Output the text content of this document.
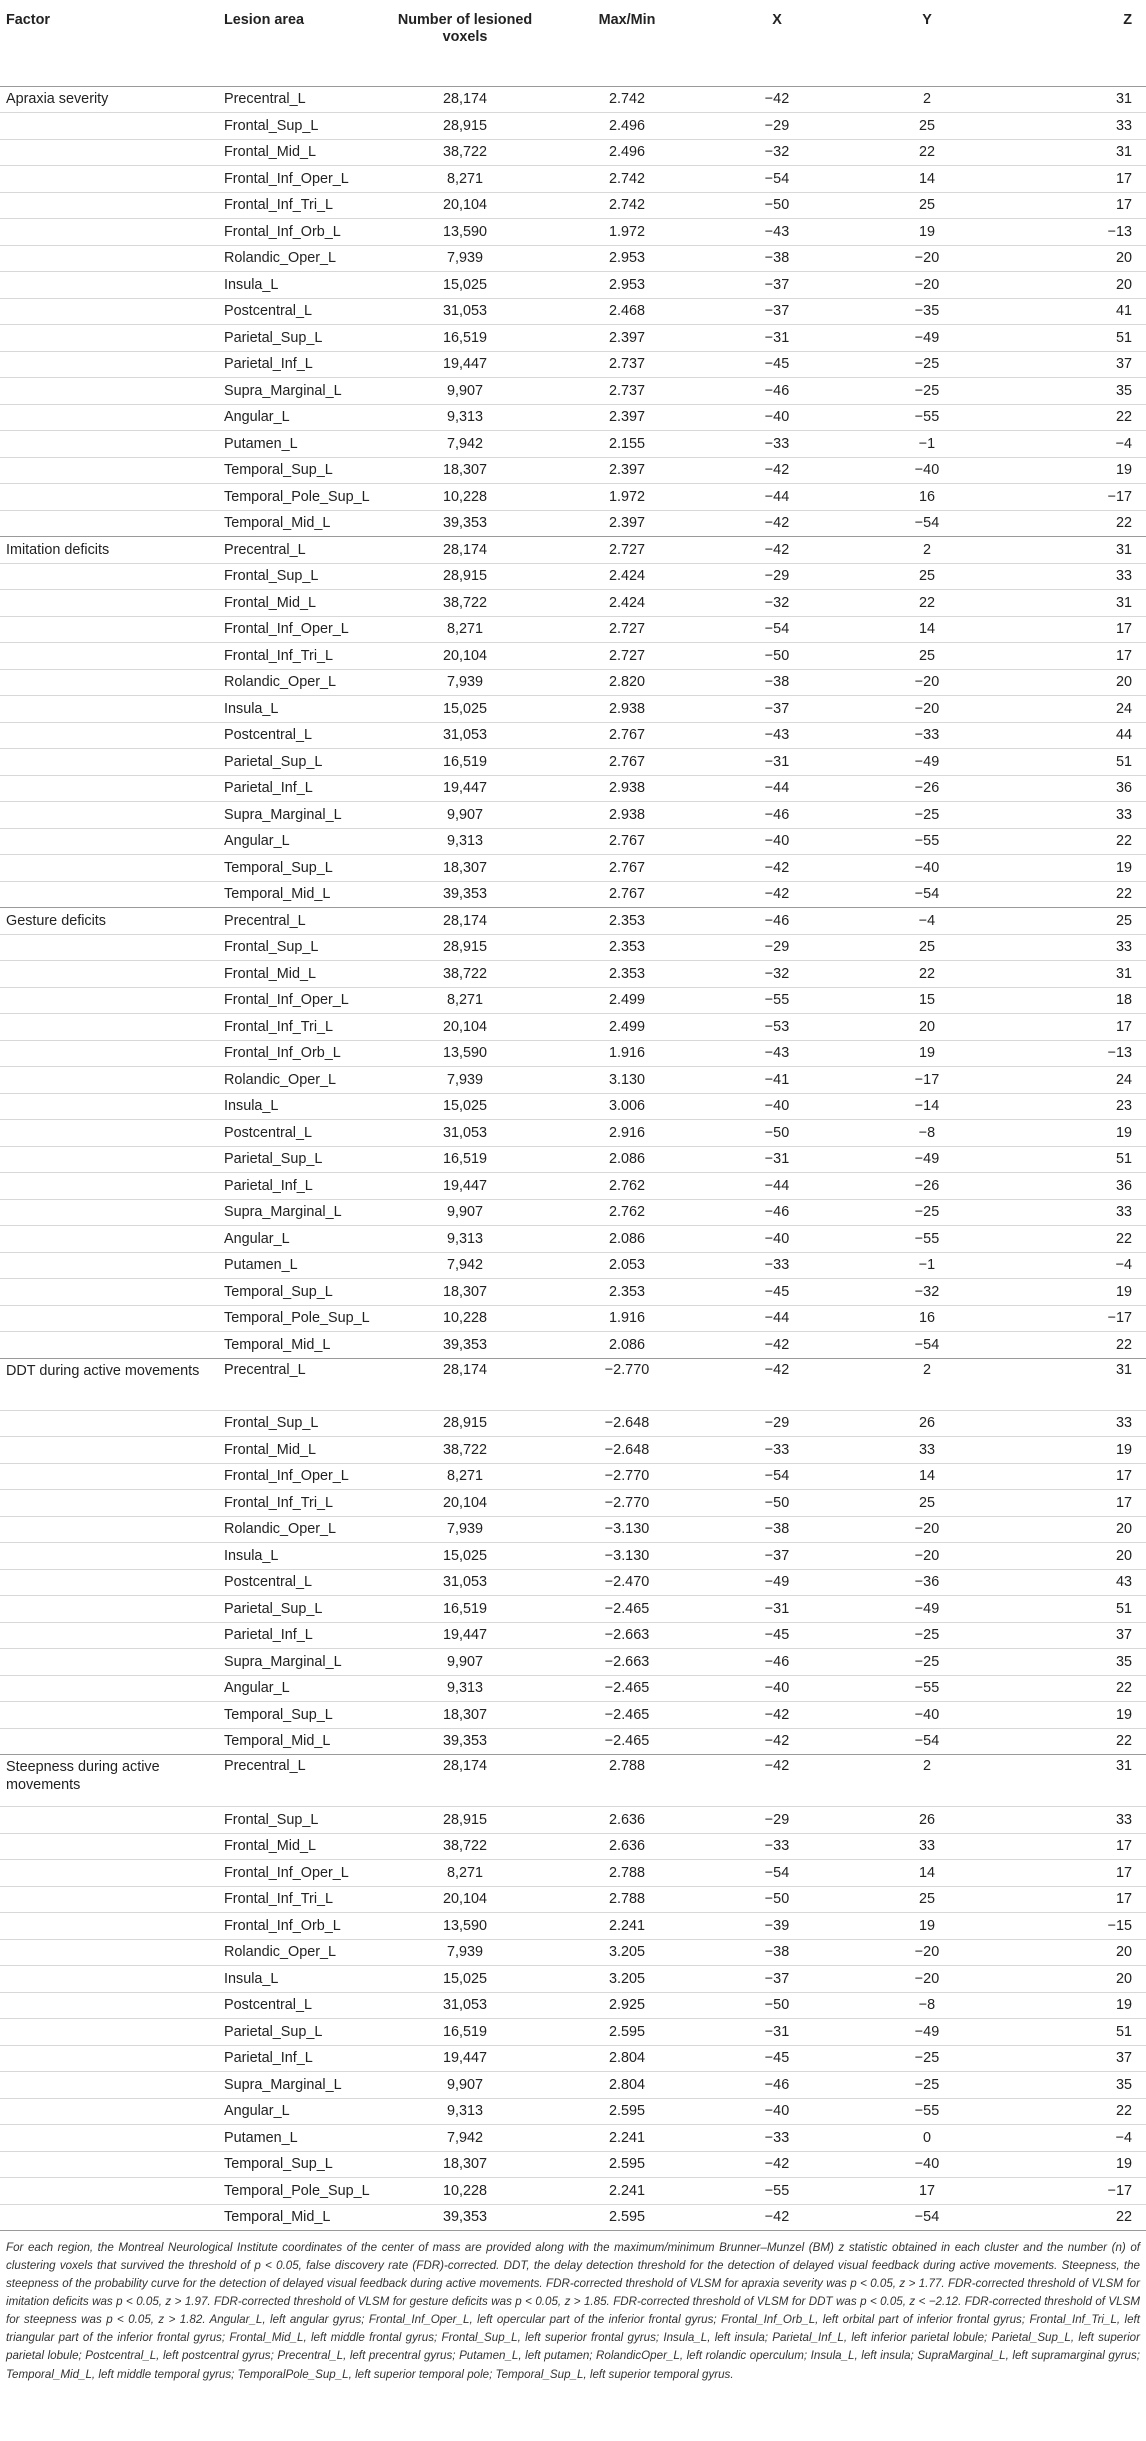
Factor	Lesion area	Number of lesioned voxels	Max/Min	X	Y	Z
Apraxia severity	Precentral_L	28,174	2.742	−42	2	31
	Frontal_Sup_L	28,915	2.496	−29	25	33
	Frontal_Mid_L	38,722	2.496	−32	22	31
	Frontal_Inf_Oper_L	8,271	2.742	−54	14	17
	Frontal_Inf_Tri_L	20,104	2.742	−50	25	17
	Frontal_Inf_Orb_L	13,590	1.972	−43	19	−13
	Rolandic_Oper_L	7,939	2.953	−38	−20	20
	Insula_L	15,025	2.953	−37	−20	20
	Postcentral_L	31,053	2.468	−37	−35	41
	Parietal_Sup_L	16,519	2.397	−31	−49	51
	Parietal_Inf_L	19,447	2.737	−45	−25	37
	Supra_Marginal_L	9,907	2.737	−46	−25	35
	Angular_L	9,313	2.397	−40	−55	22
	Putamen_L	7,942	2.155	−33	−1	−4
	Temporal_Sup_L	18,307	2.397	−42	−40	19
	Temporal_Pole_Sup_L	10,228	1.972	−44	16	−17
	Temporal_Mid_L	39,353	2.397	−42	−54	22
Imitation deficits	Precentral_L	28,174	2.727	−42	2	31
	Frontal_Sup_L	28,915	2.424	−29	25	33
	Frontal_Mid_L	38,722	2.424	−32	22	31
	Frontal_Inf_Oper_L	8,271	2.727	−54	14	17
	Frontal_Inf_Tri_L	20,104	2.727	−50	25	17
	Rolandic_Oper_L	7,939	2.820	−38	−20	20
	Insula_L	15,025	2.938	−37	−20	24
	Postcentral_L	31,053	2.767	−43	−33	44
	Parietal_Sup_L	16,519	2.767	−31	−49	51
	Parietal_Inf_L	19,447	2.938	−44	−26	36
	Supra_Marginal_L	9,907	2.938	−46	−25	33
	Angular_L	9,313	2.767	−40	−55	22
	Temporal_Sup_L	18,307	2.767	−42	−40	19
	Temporal_Mid_L	39,353	2.767	−42	−54	22
Gesture deficits	Precentral_L	28,174	2.353	−46	−4	25
	Frontal_Sup_L	28,915	2.353	−29	25	33
	Frontal_Mid_L	38,722	2.353	−32	22	31
	Frontal_Inf_Oper_L	8,271	2.499	−55	15	18
	Frontal_Inf_Tri_L	20,104	2.499	−53	20	17
	Frontal_Inf_Orb_L	13,590	1.916	−43	19	−13
	Rolandic_Oper_L	7,939	3.130	−41	−17	24
	Insula_L	15,025	3.006	−40	−14	23
	Postcentral_L	31,053	2.916	−50	−8	19
	Parietal_Sup_L	16,519	2.086	−31	−49	51
	Parietal_Inf_L	19,447	2.762	−44	−26	36
	Supra_Marginal_L	9,907	2.762	−46	−25	33
	Angular_L	9,313	2.086	−40	−55	22
	Putamen_L	7,942	2.053	−33	−1	−4
	Temporal_Sup_L	18,307	2.353	−45	−32	19
	Temporal_Pole_Sup_L	10,228	1.916	−44	16	−17
	Temporal_Mid_L	39,353	2.086	−42	−54	22
DDT during active movements	Precentral_L	28,174	−2.770	−42	2	31
	Frontal_Sup_L	28,915	−2.648	−29	26	33
	Frontal_Mid_L	38,722	−2.648	−33	33	19
	Frontal_Inf_Oper_L	8,271	−2.770	−54	14	17
	Frontal_Inf_Tri_L	20,104	−2.770	−50	25	17
	Rolandic_Oper_L	7,939	−3.130	−38	−20	20
	Insula_L	15,025	−3.130	−37	−20	20
	Postcentral_L	31,053	−2.470	−49	−36	43
	Parietal_Sup_L	16,519	−2.465	−31	−49	51
	Parietal_Inf_L	19,447	−2.663	−45	−25	37
	Supra_Marginal_L	9,907	−2.663	−46	−25	35
	Angular_L	9,313	−2.465	−40	−55	22
	Temporal_Sup_L	18,307	−2.465	−42	−40	19
	Temporal_Mid_L	39,353	−2.465	−42	−54	22
Steepness during active movements	Precentral_L	28,174	2.788	−42	2	31
	Frontal_Sup_L	28,915	2.636	−29	26	33
	Frontal_Mid_L	38,722	2.636	−33	33	17
	Frontal_Inf_Oper_L	8,271	2.788	−54	14	17
	Frontal_Inf_Tri_L	20,104	2.788	−50	25	17
	Frontal_Inf_Orb_L	13,590	2.241	−39	19	−15
	Rolandic_Oper_L	7,939	3.205	−38	−20	20
	Insula_L	15,025	3.205	−37	−20	20
	Postcentral_L	31,053	2.925	−50	−8	19
	Parietal_Sup_L	16,519	2.595	−31	−49	51
	Parietal_Inf_L	19,447	2.804	−45	−25	37
	Supra_Marginal_L	9,907	2.804	−46	−25	35
	Angular_L	9,313	2.595	−40	−55	22
	Putamen_L	7,942	2.241	−33	0	−4
	Temporal_Sup_L	18,307	2.595	−42	−40	19
	Temporal_Pole_Sup_L	10,228	2.241	−55	17	−17
	Temporal_Mid_L	39,353	2.595	−42	−54	22
For each region, the Montreal Neurological Institute coordinates of the center of mass are provided along with the maximum/minimum Brunner–Munzel (BM) z statistic obtained in each cluster and the number (n) of clustering voxels that survived the threshold of p < 0.05, false discovery rate (FDR)-corrected. DDT, the delay detection threshold for the detection of delayed visual feedback during active movements. Steepness, the steepness of the probability curve for the detection of delayed visual feedback during active movements. FDR-corrected threshold of VLSM for apraxia severity was p < 0.05, z > 1.77. FDR-corrected threshold of VLSM for imitation deficits was p < 0.05, z > 1.97. FDR-corrected threshold of VLSM for gesture deficits was p < 0.05, z > 1.85. FDR-corrected threshold of VLSM for DDT was p < 0.05, z < −2.12. FDR-corrected threshold of VLSM for steepness was p < 0.05, z > 1.82. Angular_L, left angular gyrus; Frontal_Inf_Oper_L, left opercular part of the inferior frontal gyrus; Frontal_Inf_Orb_L, left orbital part of inferior frontal gyrus; Frontal_Inf_Tri_L, left triangular part of the inferior frontal gyrus; Frontal_Mid_L, left middle frontal gyrus; Frontal_Sup_L, left superior frontal gyrus; Insula_L, left insula; Parietal_Inf_L, left inferior parietal lobule; Parietal_Sup_L, left superior parietal lobule; Postcentral_L, left postcentral gyrus; Precentral_L, left precentral gyrus; Putamen_L, left putamen; RolandicOper_L, left rolandic operculum; Insula_L, left insula; SupraMarginal_L, left supramarginal gyrus; Temporal_Mid_L, left middle temporal gyrus; TemporalPole_Sup_L, left superior temporal pole; Temporal_Sup_L, left superior temporal gyrus.
